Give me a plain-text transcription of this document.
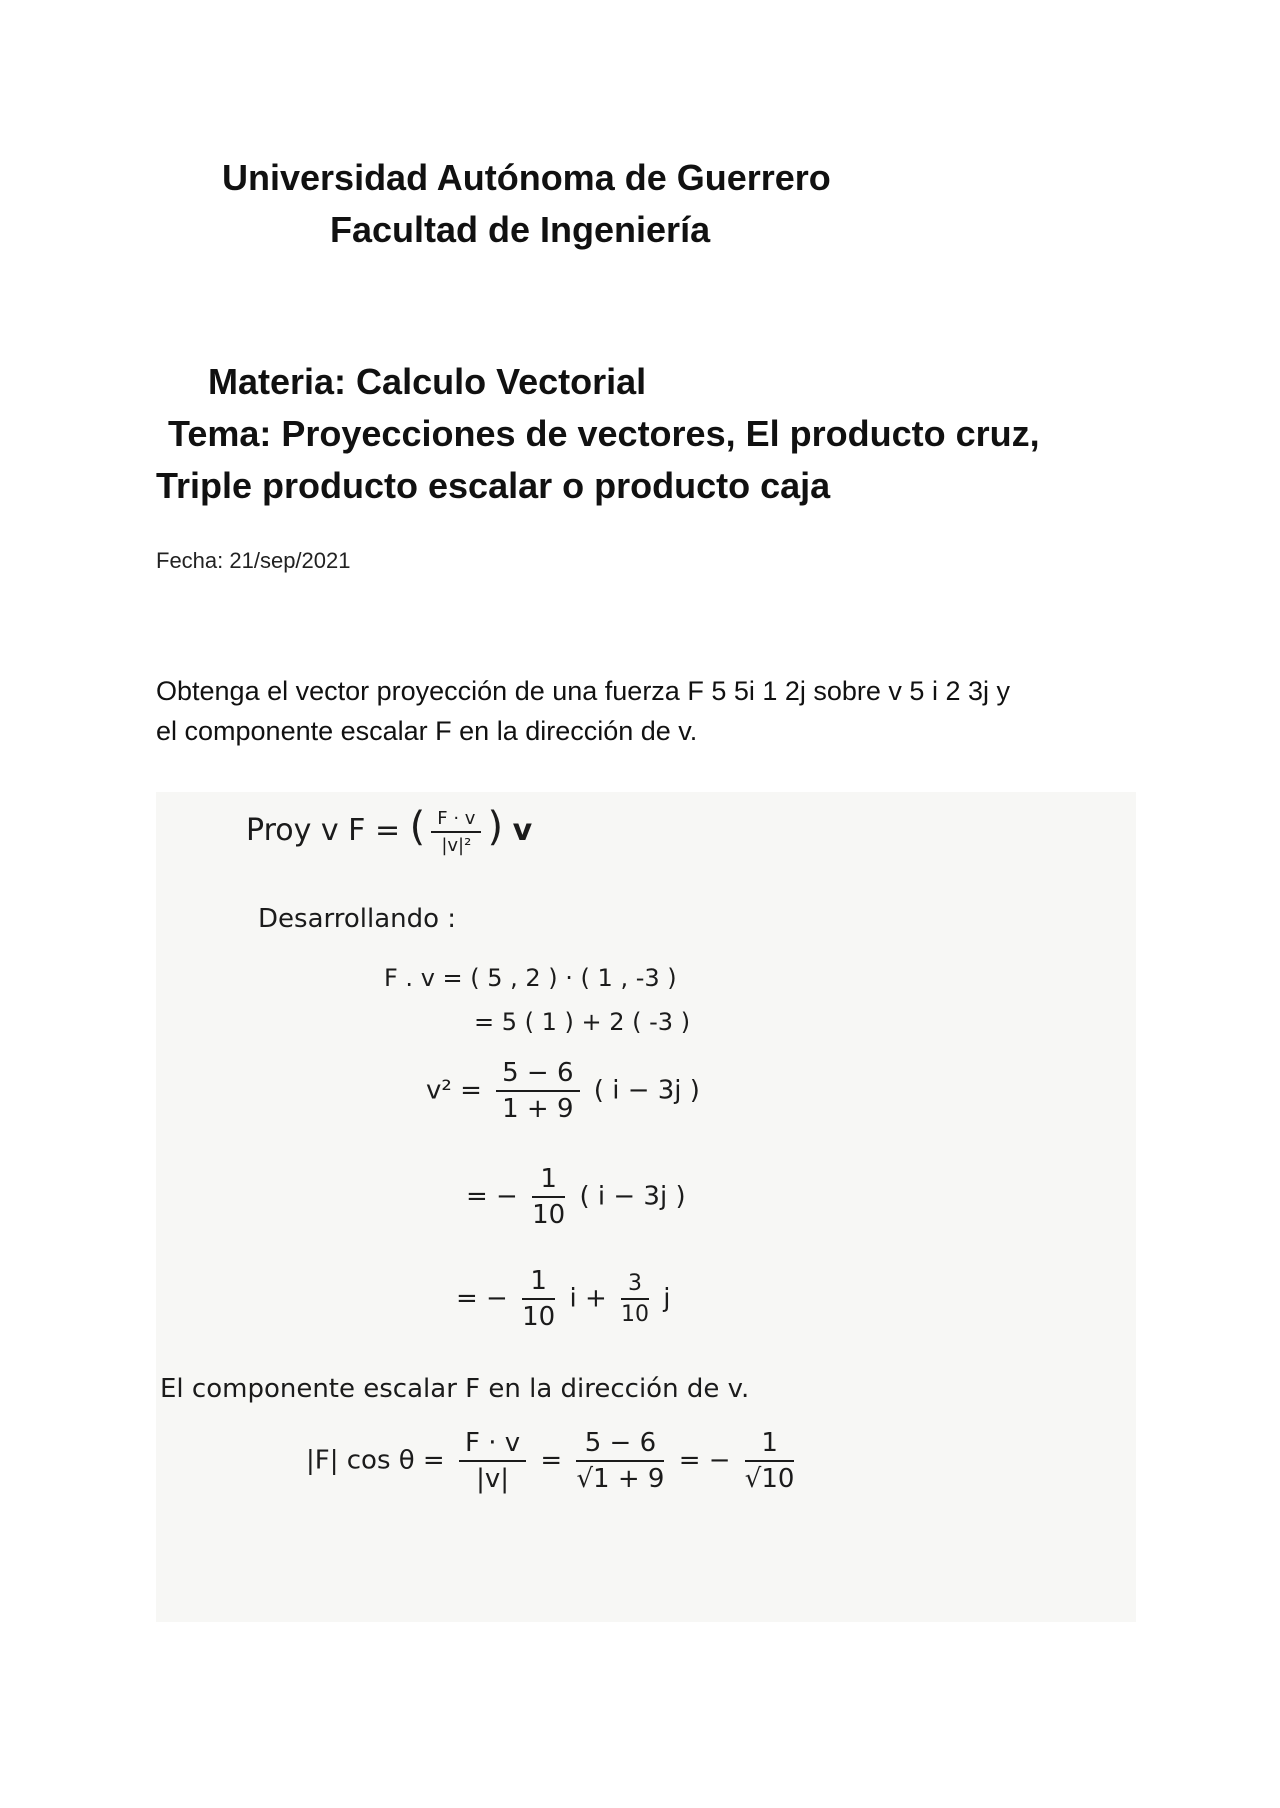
Universidad Autónoma de Guerrero
Facultad de Ingeniería
Materia: Calculo Vectorial
Tema: Proyecciones de vectores, El producto cruz,
Triple producto escalar o producto caja
Fecha: 21/sep/2021
Obtenga el vector proyección de una fuerza F 5 5i 1 2j sobre v 5 i 2 3j y
el componente escalar F en la dirección de v.
Proy v F = ( $\frac{F \cdot v}{\text{|v|²}}$ ) v
Desarrollando :
F . v = ( 5 , 2 ) · ( 1 , -3 )
= 5 ( 1 ) + 2 ( -3 )
$v^2 = \frac{5 - 6}{1 + 9}$ ( i − 3j )
= − $\frac{1}{10}$ ( i − 3j )
= − $\frac{1}{10}$ $i + \frac{3}{10}$ j
El componente escalar F en la dirección de v.
|F| $\cos \theta = \frac{F \cdot v}{|v|} = \frac{5 - 6}{√1 + 9}$ = − $\frac{1}{√10}$
